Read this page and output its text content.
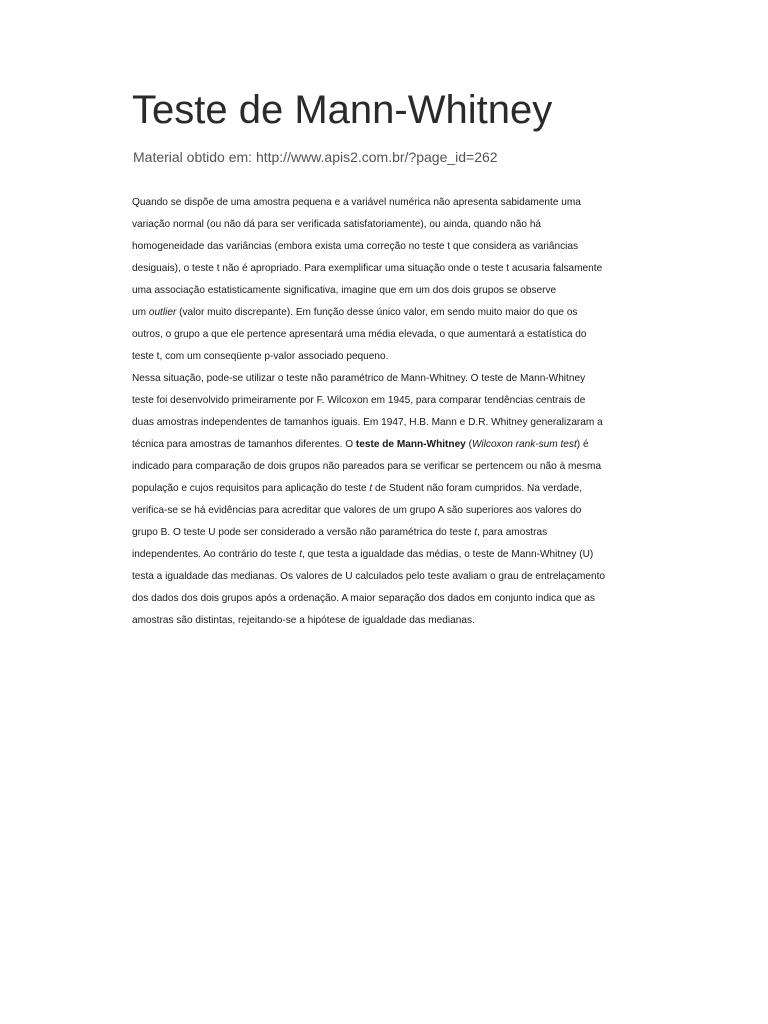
Teste de Mann-Whitney

Material obtido em: http://www.apis2.com.br/?page_id=262

Quando se dispõe de uma amostra pequena e a variável numérica não apresenta sabidamente uma
variação normal (ou não dá para ser verificada satisfatoriamente), ou ainda, quando não há
homogeneidade das variâncias (embora exista uma correção no teste t que considera as variâncias
desiguais), o teste t não é apropriado. Para exemplificar uma situação onde o teste t acusaria falsamente
uma associação estatisticamente significativa, imagine que em um dos dois grupos se observe
um outlier (valor muito discrepante). Em função desse único valor, em sendo muito maior do que os
outros, o grupo a que ele pertence apresentará uma média elevada, o que aumentará a estatística do
teste t, com um conseqüente p-valor associado pequeno.
Nessa situação, pode-se utilizar o teste não paramétrico de Mann-Whitney. O teste de Mann-Whitney
teste foi desenvolvido primeiramente por F. Wilcoxon em 1945, para comparar tendências centrais de
duas amostras independentes de tamanhos iguais. Em 1947, H.B. Mann e D.R. Whitney generalizaram a
técnica para amostras de tamanhos diferentes. O teste de Mann-Whitney (Wilcoxon rank-sum test) é
indicado para comparação de dois grupos não pareados para se verificar se pertencem ou não à mesma
população e cujos requisitos para aplicação do teste t de Student não foram cumpridos. Na verdade,
verifica-se se há evidências para acreditar que valores de um grupo A são superiores aos valores do
grupo B. O teste U pode ser considerado a versão não paramétrica do teste t, para amostras
independentes. Ao contrário do teste t, que testa a igualdade das médias, o teste de Mann-Whitney (U)
testa a igualdade das medianas. Os valores de U calculados pelo teste avaliam o grau de entrelaçamento
dos dados dos dois grupos após a ordenação. A maior separação dos dados em conjunto indica que as
amostras são distintas, rejeitando-se a hipótese de igualdade das medianas.
